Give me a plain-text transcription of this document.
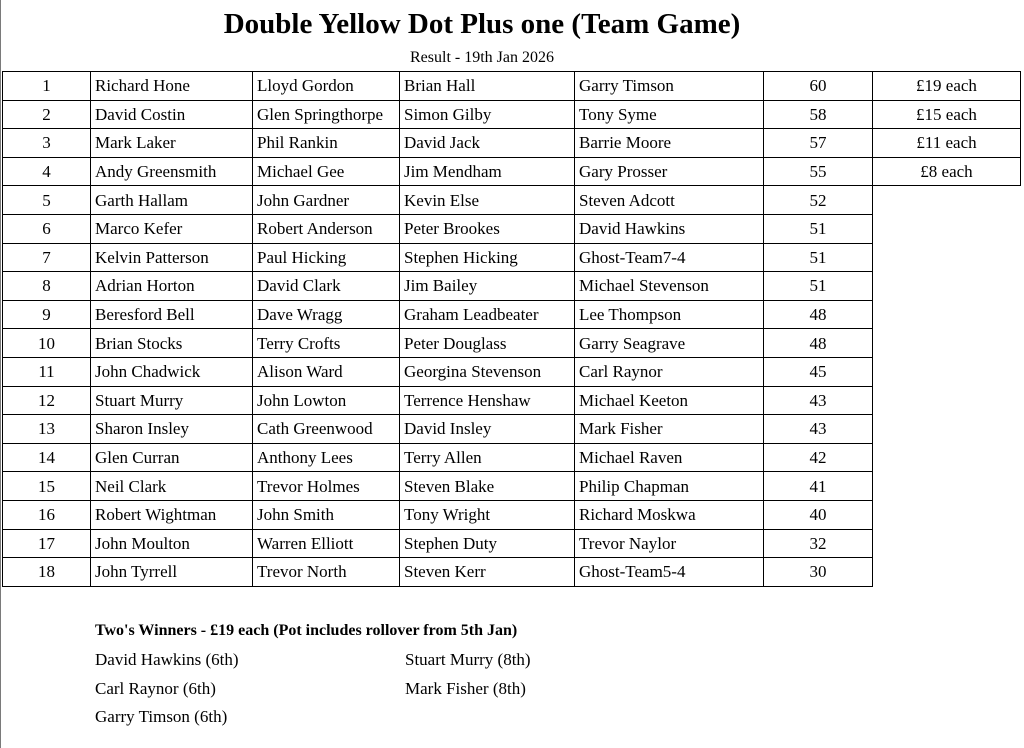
Double Yellow Dot Plus one (Team Game)
Result - 19th Jan 2026
1	Richard Hone	Lloyd Gordon	Brian Hall	Garry Timson	60	£19 each
2	David Costin	Glen Springthorpe	Simon Gilby	Tony Syme	58	£15 each
3	Mark Laker	Phil Rankin	David Jack	Barrie Moore	57	£11 each
4	Andy Greensmith	Michael Gee	Jim Mendham	Gary Prosser	55	£8 each
5	Garth Hallam	John Gardner	Kevin Else	Steven Adcott	52	
6	Marco Kefer	Robert Anderson	Peter Brookes	David Hawkins	51	
7	Kelvin Patterson	Paul Hicking	Stephen Hicking	Ghost-Team7-4	51	
8	Adrian Horton	David Clark	Jim Bailey	Michael Stevenson	51	
9	Beresford Bell	Dave Wragg	Graham Leadbeater	Lee Thompson	48	
10	Brian Stocks	Terry Crofts	Peter Douglass	Garry Seagrave	48	
11	John Chadwick	Alison Ward	Georgina Stevenson	Carl Raynor	45	
12	Stuart Murry	John Lowton	Terrence Henshaw	Michael Keeton	43	
13	Sharon Insley	Cath Greenwood	David Insley	Mark Fisher	43	
14	Glen Curran	Anthony Lees	Terry Allen	Michael Raven	42	
15	Neil Clark	Trevor Holmes	Steven Blake	Philip Chapman	41	
16	Robert Wightman	John Smith	Tony Wright	Richard Moskwa	40	
17	John Moulton	Warren Elliott	Stephen Duty	Trevor Naylor	32	
18	John Tyrrell	Trevor North	Steven Kerr	Ghost-Team5-4	30	
Two's Winners - £19 each (Pot includes rollover from 5th Jan)
David Hawkins (6th)
Carl Raynor (6th)
Garry Timson (6th)
Stuart Murry (8th)
Mark Fisher (8th)
